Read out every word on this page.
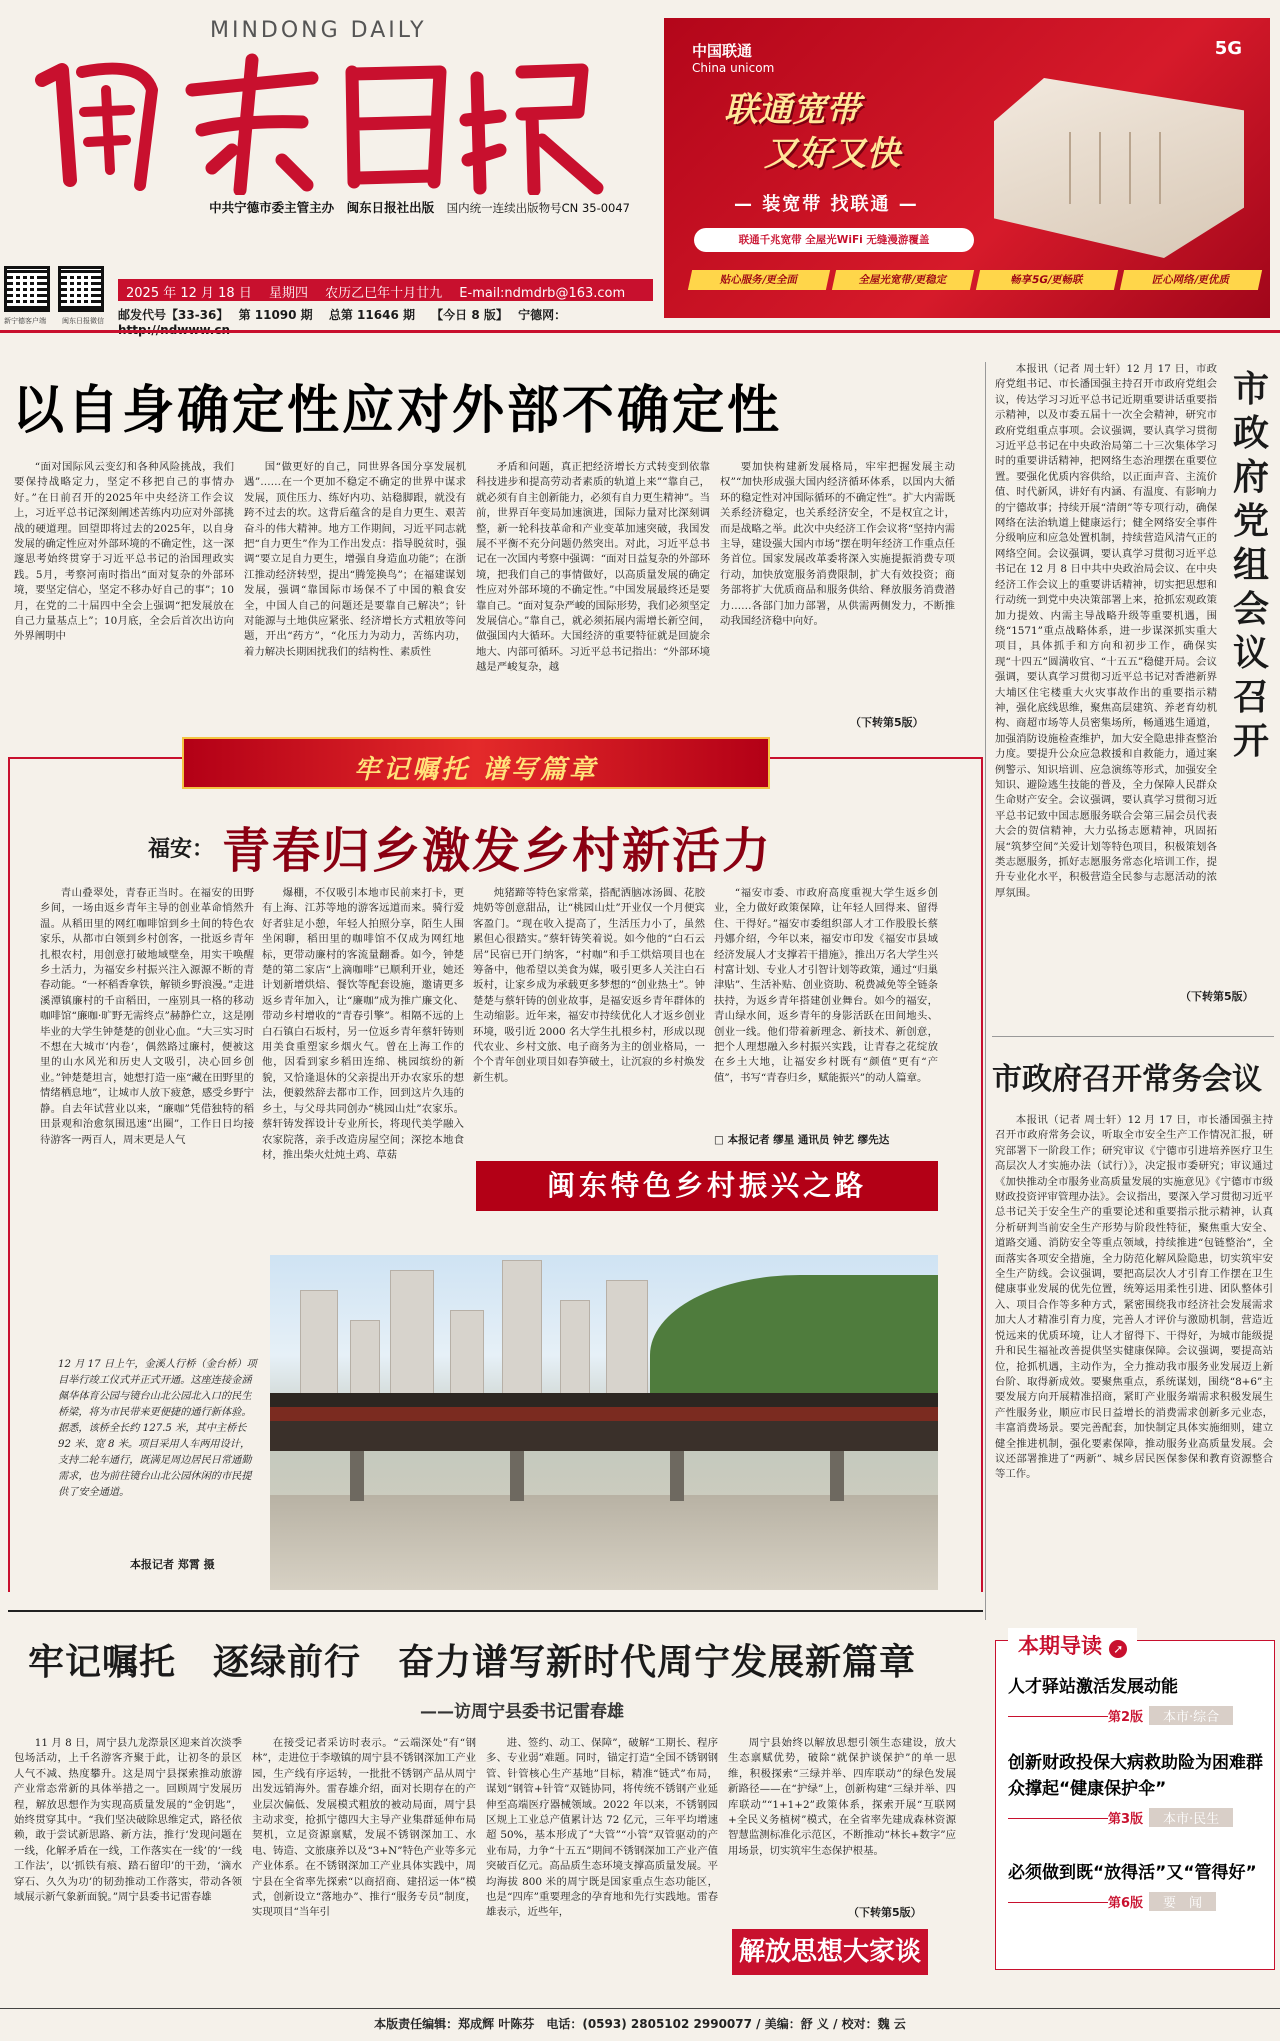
MINDONG DAILY
闽东日报
中共宁德市委主管主办　闽东日报社出版　 国内统一连续出版物号CN 35-0047
新宁德客户端 闽东日报微信
2025 年 12 月 18 日　 星期四　 农历乙巳年十月廿九　 E-mail:ndmdrb@163.com
邮发代号【33-36】　 第 11090 期　 总第 11646 期　 【今日 8 版】　 宁德网：
中国联通
China unicom
5G
联通宽带
又好又快
— 装宽带 找联通 —
联通千兆宽带 全屋光WiFi 无缝漫游覆盖
贴心服务/更全面	全屋光宽带/更稳定	畅享5G/更畅联	匠心网络/更优质
以自身确定性应对外部不确定性

“面对国际风云变幻和各种风险挑战，我们要保持战略定力，坚定不移把自己的事情办好。”在日前召开的2025年中央经济工作会议上，习近平总书记深刻阐述苦练内功应对外部挑战的硬道理。回望即将过去的2025年，以自身发展的确定性应对外部环境的不确定性，这一深邃思考始终贯穿于习近平总书记的治国理政实践。5月，考察河南时指出“面对复杂的外部环境，要坚定信心，坚定不移办好自己的事”；10月，在党的二十届四中全会上强调“把发展放在自己力量基点上”；10月底，全会后首次出访向外界阐明中

国“做更好的自己，同世界各国分享发展机遇”……在一个更加不稳定不确定的世界中谋求发展，顶住压力、练好内功、站稳脚跟，就没有跨不过去的坎。这背后蕴含的是自力更生、艰苦奋斗的伟大精神。地方工作期间，习近平同志就把“自力更生”作为工作出发点：指导脱贫时，强调“要立足自力更生，增强自身造血功能”；在浙江推动经济转型，提出“腾笼换鸟”；在福建谋划发展，强调“靠国际市场保不了中国的粮食安全，中国人自己的问题还是要靠自己解决”；针对能源与土地供应紧张、经济增长方式粗放等问题，开出“药方”，“化压力为动力，苦练内功，着力解决长期困扰我们的结构性、素质性

矛盾和问题，真正把经济增长方式转变到依靠科技进步和提高劳动者素质的轨道上来”“靠自己，就必须有自主创新能力，必须有自力更生精神”。当前，世界百年变局加速演进，国际力量对比深刻调整，新一轮科技革命和产业变革加速突破，我国发展不平衡不充分问题仍然突出。对此，习近平总书记在一次国内考察中强调：“面对日益复杂的外部环境，把我们自己的事情做好，以高质量发展的确定性应对外部环境的不确定性。”中国发展最终还是要靠自己。“面对复杂严峻的国际形势，我们必须坚定发展信心。”靠自己，就必须拓展内需增长新空间，做强国内大循环。大国经济的重要特征就是回旋余地大、内部可循环。习近平总书记指出：“外部环境越是严峻复杂，越

要加快构建新发展格局，牢牢把握发展主动权”“加快形成强大国内经济循环体系，以国内大循环的稳定性对冲国际循环的不确定性”。扩大内需既关系经济稳定，也关系经济安全，不是权宜之计，而是战略之举。此次中央经济工作会议将“坚持内需主导，建设强大国内市场”摆在明年经济工作重点任务首位。国家发展改革委将深入实施提振消费专项行动，加快放宽服务消费限制，扩大有效投资；商务部将扩大优质商品和服务供给、释放服务消费潜力……各部门加力部署，从供需两侧发力，不断推动我国经济稳中向好。

（下转第5版）

本报讯（记者 周士轩）12 月 17 日，市政府党组书记、市长潘国强主持召开市政府党组会议，传达学习习近平总书记近期重要讲话重要指示精神，以及市委五届十一次全会精神，研究市政府党组重点事项。会议强调，要认真学习贯彻习近平总书记在中央政治局第二十三次集体学习时的重要讲话精神，把网络生态治理摆在重要位置。要强化优质内容供给，以正面声音、主流价值、时代新风，讲好有内涵、有温度、有影响力的宁德故事；持续开展“清朗”等专项行动，确保网络在法治轨道上健康运行；健全网络安全事件分级响应和应急处置机制，持续营造风清气正的网络空间。会议强调，要认真学习贯彻习近平总书记在 12 月 8 日中共中央政治局会议、在中央经济工作会议上的重要讲话精神，切实把思想和行动统一到党中央决策部署上来，抢抓宏观政策加力提效、内需主导战略升级等重要机遇，围绕“1571”重点战略体系，进一步谋深抓实重大项目，具体抓手和方向和初步工作，确保实现“十四五”圆满收官、“十五五”稳健开局。会议强调，要认真学习贯彻习近平总书记对香港新界大埔区住宅楼重大火灾事故作出的重要指示精神，强化底线思维，聚焦高层建筑、养老育幼机构、商超市场等人员密集场所，畅通逃生通道，加强消防设施检查维护，加大安全隐患排查整治力度。要提升公众应急救援和自救能力，通过案例警示、知识培训、应急演练等形式，加强安全知识、避险逃生技能的普及，全力保障人民群众生命财产安全。会议强调，要认真学习贯彻习近平总书记致中国志愿服务联合会第三届会员代表大会的贺信精神，大力弘扬志愿精神，巩固拓展“筑梦空间”关爱计划等特色项目，积极策划各类志愿服务，抓好志愿服务常态化培训工作，提升专业化水平，积极营造全民参与志愿活动的浓厚氛围。

市政府党组会议召开
（下转第5版）
市政府召开常务会议

本报讯（记者 周士轩）12 月 17 日，市长潘国强主持召开市政府常务会议，听取全市安全生产工作情况汇报，研究部署下一阶段工作；研究审议《宁德市引进培养医疗卫生高层次人才实施办法（试行）》，决定报市委研究；审议通过《加快推动全市服务业高质量发展的实施意见》《宁德市市级财政投资评审管理办法》。会议指出，要深入学习贯彻习近平总书记关于安全生产的重要论述和重要指示批示精神，认真分析研判当前安全生产形势与阶段性特征，聚焦重大安全、道路交通、消防安全等重点领域，持续推进“包链整治”，全面落实各项安全措施，全力防范化解风险隐患，切实筑牢安全生产防线。会议强调，要把高层次人才引育工作摆在卫生健康事业发展的优先位置，统筹运用柔性引进、团队整体引入、项目合作等多种方式，紧密围绕我市经济社会发展需求加大人才精准引育力度，完善人才评价与激励机制，营造近悦远来的优质环境，让人才留得下、干得好，为城市能级提升和民生福祉改善提供坚实健康保障。会议强调，要提高站位，抢抓机遇，主动作为，全力推动我市服务业发展迈上新台阶、取得新成效。要聚焦重点，系统谋划，围绕“8+6”主要发展方向开展精准招商，紧盯产业服务端需求积极发展生产性服务业，顺应市民日益增长的消费需求创新多元业态，丰富消费场景。要完善配套，加快制定具体实施细则，建立健全推进机制，强化要素保障，推动服务业高质量发展。会议还部署推进了“两新”、城乡居民医保参保和教育资源整合等工作。

牢记嘱托 谱写篇章
福安： 青春归乡激发乡村新活力

青山叠翠处，青春正当时。在福安的田野乡间，一场由返乡青年主导的创业革命悄然升温。从稻田里的网红咖啡馆到乡土间的特色农家乐，从都市白领到乡村创客，一批返乡青年扎根农村，用创意打破地域壁垒，用实干唤醒乡土活力，为福安乡村振兴注入源源不断的青春动能。“一杯稻香拿铁，解锁乡野浪漫。”走进溪潭镇廉村的千亩稻田，一座别具一格的移动咖啡馆“廉咖·旷野无需终点”赫静伫立，这是刚毕业的大学生钟楚楚的创业心血。“大三实习时不想在大城市‘内卷’，偶然路过廉村，便被这里的山水风光和历史人文吸引，决心回乡创业。”钟楚楚坦言，她想打造一座“藏在田野里的情绪栖息地”，让城市人放下疲惫，感受乡野宁静。自去年试营业以来，“廉咖”凭借独特的稻田景观和治愈氛围迅速“出圈”，工作日日均接待游客一两百人，周末更是人气

爆棚，不仅吸引本地市民前来打卡，更有上海、江苏等地的游客远道而来。骑行爱好者驻足小憩，年轻人拍照分享，陌生人围坐闲聊，稻田里的咖啡馆不仅成为网红地标，更带动廉村的客流量翻番。如今，钟楚楚的第二家店“上滴咖啡”已顺利开业，她还计划新增烘焙、餐饮等配套设施，邀请更多返乡青年加入，让“廉咖”成为推广廉文化、带动乡村增收的“青春引擎”。相隔不远的上白石镇白石坂村，另一位返乡青年蔡轩铸则用美食重塑家乡烟火气。曾在上海工作的他，因看到家乡稻田连绵、桃园缤纷的新貌，又恰逢退休的父亲提出开办农家乐的想法，便毅然辞去都市工作，回到这片久违的乡土，与父母共同创办“桃园山灶”农家乐。蔡轩铸发挥设计专业所长，将现代美学融入农家院落，亲手改造房屋空间；深挖本地食材，推出柴火灶炖土鸡、草菇

炖猪蹄等特色家常菜，搭配洒脑冰汤圆、花胶炖奶等创意甜品，让“桃园山灶”开业仅一个月便宾客盈门。“现在收入提高了，生活压力小了，虽然累但心很踏实。”蔡轩铸笑着说。如今他的“白石云居”民宿已开门纳客，“村咖”和手工烘焙项目也在筹备中，他希望以美食为媒，吸引更多人关注白石坂村，让家乡成为承载更多梦想的“创业热土”。钟楚楚与蔡轩铸的创业故事，是福安返乡青年群体的生动缩影。近年来，福安市持续优化人才返乡创业环境，吸引近 2000 名大学生扎根乡村，形成以现代农业、乡村文旅、电子商务为主的创业格局，一个个青年创业项目如春笋破土，让沉寂的乡村焕发新生机。

“福安市委、市政府高度重视大学生返乡创业，全力做好政策保障，让年轻人回得来、留得住、干得好。”福安市委组织部人才工作股股长蔡丹娜介绍，今年以来，福安市印发《福安市县域经济发展人才支撑若干措施》，推出万名大学生兴村富计划、专业人才引智计划等政策，通过“归巢津贴”、生活补贴、创业资助、税费减免等全链条扶持，为返乡青年搭建创业舞台。如今的福安，青山绿水间，返乡青年的身影活跃在田间地头、创业一线。他们带着新理念、新技术、新创意，把个人理想融入乡村振兴实践，让青春之花绽放在乡土大地，让福安乡村既有“颜值”更有“产值”，书写“青春归乡，赋能振兴”的动人篇章。

□ 本报记者 缪星 通讯员 钟艺 缪先达
闽东特色乡村振兴之路
12 月 17 日上午，金溪人行桥（金台桥）项目举行竣工仪式并正式开通。这座连接金涵佩华体育公园与镜台山北公园北入口的民生桥梁，将为市民带来更便捷的通行新体验。据悉，该桥全长约 127.5 米，其中主桥长 92 米、宽 8 米。项目采用人车两用设计，支持二轮车通行，既满足周边居民日常通勤需求，也为前往镜台山北公园休闲的市民提供了安全通道。
本报记者 郑霄 摄
牢记嘱托　逐绿前行　奋力谱写新时代周宁发展新篇章
——访周宁县委书记雷春雄

11 月 8 日，周宁县九龙漈景区迎来首次淡季包场活动，上千名游客齐聚于此，让初冬的景区人气不减、热度攀升。这是周宁县探索推动旅游产业常态常新的具体举措之一。回顾周宁发展历程，解放思想作为实现高质量发展的“金钥匙”，始终贯穿其中。“我们坚决破除思维定式，路径依赖，敢于尝试新思路、新方法，推行‘发现问题在一线，化解矛盾在一线，工作落实在一线’的‘一线工作法’，以‘抓铁有痕、踏石留印’的干劲，‘滴水穿石、久久为功’的韧劲推动工作落实，带动各领域展示新气象新面貌。”周宁县委书记雷春雄

在接受记者采访时表示。“云端深处”有“钢林”，走进位于李墩镇的周宁县不锈钢深加工产业园，生产线有序运转，一批批不锈钢产品从周宁出发远销海外。雷春雄介绍，面对长期存在的产业层次偏低、发展模式粗放的被动局面，周宁县主动求变，抢抓宁德四大主导产业集群延伸布局契机，立足资源禀赋，发展不锈钢深加工、水电、铸造、文旅康养以及“3+N”特色产业等多元产业体系。在不锈钢深加工产业具体实践中，周宁县在全省率先探索“以商招商、建招运一体”模式，创新设立“落地办”、推行“服务专员”制度，实现项目“当年引

进、签约、动工、保障”，破解“工期长、程序多、专业弱”难题。同时，锚定打造“全国不锈钢钢管、针管核心生产基地”目标，精准“链式”布局，谋划“钢管+针管”双链协同，将传统不锈钢产业延伸至高端医疗器械领域。2022 年以来，不锈钢园区规上工业总产值累计达 72 亿元，三年平均增速超 50%，基本形成了“大管”“小管”双管驱动的产业布局，力争“十五五”期间不锈钢深加工产业产值突破百亿元。高品质生态环境支撑高质量发展。平均海拔 800 米的周宁既是国家重点生态功能区，也是“四库”重要理念的孕育地和先行实践地。雷春雄表示，近些年，

周宁县始终以解放思想引领生态建设，放大生态禀赋优势，破除“就保护谈保护”的单一思维，积极探索“三绿并举、四库联动”的绿色发展新路径——在“护绿”上，创新构建“三绿并举、四库联动”“1+1+2”政策体系，探索开展“互联网+全民义务植树”模式，在全省率先建成森林资源智慧监测标准化示范区，不断推动“林长+数字”应用场景，切实筑牢生态保护根基。

（下转第5版）
解放思想大家谈
本期导读 ➚
人才驿站激活发展动能
第2版 本市·综合
创新财政投保大病救助险为困难群众撑起“健康保护伞”
第3版 本市·民生
必须做到既“放得活”又“管得好”
第6版 要　闻
本版责任编辑：郑成辉 叶陈芬　电话：(0593) 2805102 2990077 / 美编：舒 义 / 校对：魏 云
